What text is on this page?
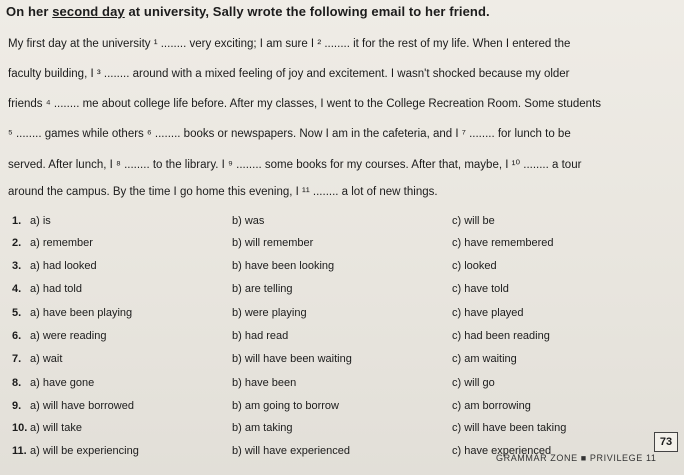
On her second day at university, Sally wrote the following email to her friend.
My first day at the university ¹ ........ very exciting; I am sure I ² ........ it for the rest of my life. When I entered the
faculty building, I ³ ........ around with a mixed feeling of joy and excitement. I wasn't shocked because my older
friends ⁴ ........ me about college life before. After my classes, I went to the College Recreation Room. Some students
⁵ ........ games while others ⁶ ........ books or newspapers. Now I am in the cafeteria, and I ⁷ ........ for lunch to be
served. After lunch, I ⁸ ........ to the library. I ⁹ ........ some books for my courses. After that, maybe, I ¹⁰ ........ a tour
around the campus. By the time I go home this evening, I ¹¹ ........ a lot of new things.
1. a) is	b) was	c) will be
2. a) remember	b) will remember	c) have remembered
3. a) had looked	b) have been looking	c) looked
4. a) had told	b) are telling	c) have told
5. a) have been playing	b) were playing	c) have played
6. a) were reading	b) had read	c) had been reading
7. a) wait	b) will have been waiting	c) am waiting
8. a) have gone	b) have been	c) will go
9. a) will have borrowed	b) am going to borrow	c) am borrowing
10. a) will take	b) am taking	c) will have been taking
11. a) will be experiencing	b) will have experienced	c) have experienced
GRAMMAR ZONE ■ PRIVILEGE 11
73
